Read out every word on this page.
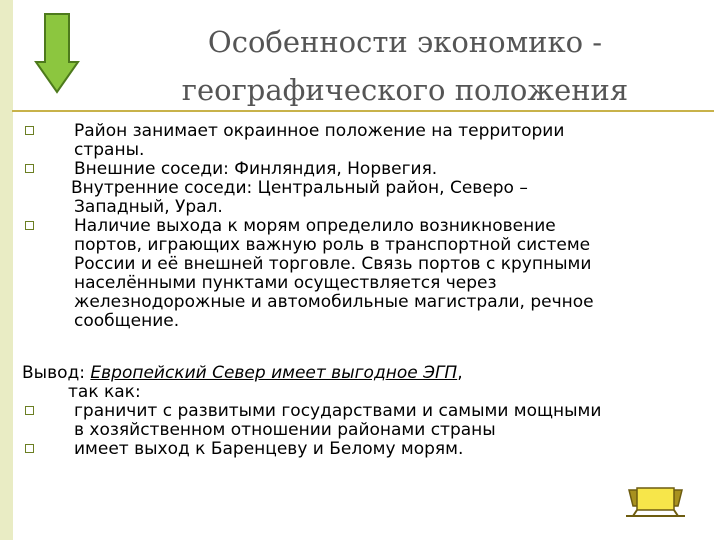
Особенности экономико -
географического положения
Район занимает окраинное положение на территории
страны.
Внешние соседи: Финляндия, Норвегия.
Внутренние соседи: Центральный район, Северо –
Западный, Урал.
Наличие выхода к морям определило возникновение
портов, играющих важную роль в транспортной системе
России и её внешней торговле. Связь портов с крупными
населёнными пунктами осуществляется через
железнодорожные и автомобильные магистрали, речное
сообщение.
Вывод: Европейский Север имеет выгодное ЭГП,
так как:
граничит с развитыми государствами и самыми мощными
в хозяйственном отношении районами страны
имеет выход к Баренцеву и Белому морям.
